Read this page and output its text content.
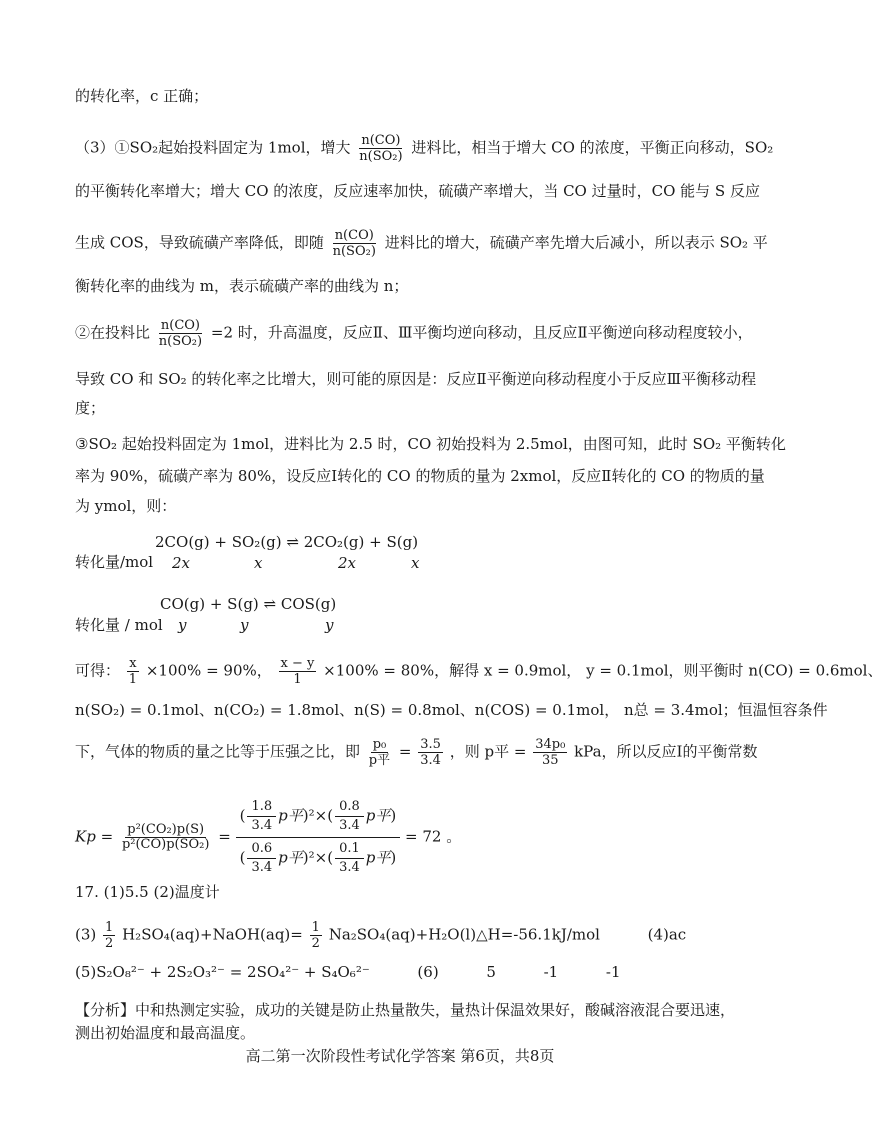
的转化率，c 正确；
（3）①SO₂起始投料固定为 1mol，增大 $\frac{n(CO)}{\text{n(SO₂)}}$ 进料比，相当于增大 CO 的浓度，平衡正向移动，SO₂
的平衡转化率增大；增大 CO 的浓度，反应速率加快，硫磺产率增大，当 CO 过量时，CO 能与 S 反应
生成 COS，导致硫磺产率降低，即随 $\frac{n(CO)}{\text{n(SO₂)}}$ 进料比的增大，硫磺产率先增大后减小，所以表示 SO₂ 平
衡转化率的曲线为 m，表示硫磺产率的曲线为 n；
②在投料比 $\frac{n(CO)}{\text{n(SO₂)}} =2$ 时，升高温度，反应Ⅱ、Ⅲ平衡均逆向移动，且反应Ⅱ平衡逆向移动程度较小，
导致 CO 和 SO₂ 的转化率之比增大，则可能的原因是：反应Ⅱ平衡逆向移动程度小于反应Ⅲ平衡移动程
度；
③SO₂ 起始投料固定为 1mol，进料比为 2.5 时，CO 初始投料为 2.5mol，由图可知，此时 SO₂ 平衡转化
率为 90%，硫磺产率为 80%，设反应Ⅰ转化的 CO 的物质的量为 2xmol，反应Ⅱ转化的 CO 的物质的量
为 ymol，则：
2CO(g) + SO₂(g) ⇌ 2CO₂(g) + S(g)
转化量/mol 2x	x	2x	x
CO(g) + S(g) ⇌ COS(g)
转化量 / mol y	y	y
可得： $\frac{x}{1} \times 100\% = 90\%$， $\frac{x - y}{1} \times 100\% = 80\%$，解得 x = 0.9mol， y = 0.1mol，则平衡时 n(CO) = 0.6mol、
n(SO₂) = 0.1mol、n(CO₂) = 1.8mol、n(S) = 0.8mol、n(COS) = 0.1mol， n总 = 3.4mol；恒温恒容条件
下，气体的物质的量之比等于压强之比，即 $\frac{\text{p₀}}{\text{p平}} = \frac{3.5}{3.4}$ ，则 p平 = $\frac{\text{34p₀}}{35}$ kPa，所以反应Ⅰ的平衡常数
$Kp = \frac{\text{p²(CO₂)p(S)}}{\text{p²(CO)p(SO₂)}} = \frac{( \frac{1.8}{3.4} p平)^2\times( \frac{0.8}{3.4} p平)}{( \frac{0.6}{3.4} p平)^2\times( \frac{0.1}{3.4} p平)} = 72$ 。
17. (1)5.5 (2)温度计
$(3) \frac{1}{2}$ H₂SO₄(aq)+NaOH(aq)= $\frac{1}{2}$ Na₂SO₄(aq)+H₂O(l)△H=-56.1kJ/mol          (4)ac
(5)S₂O₈²⁻ + 2S₂O₃²⁻ = 2SO₄²⁻ + S₄O₆²⁻          (6)          5          -1          -1
【分析】中和热测定实验，成功的关键是防止热量散失，量热计保温效果好，酸碱溶液混合要迅速，
测出初始温度和最高温度。
高二第一次阶段性考试化学答案 第6页，共8页
